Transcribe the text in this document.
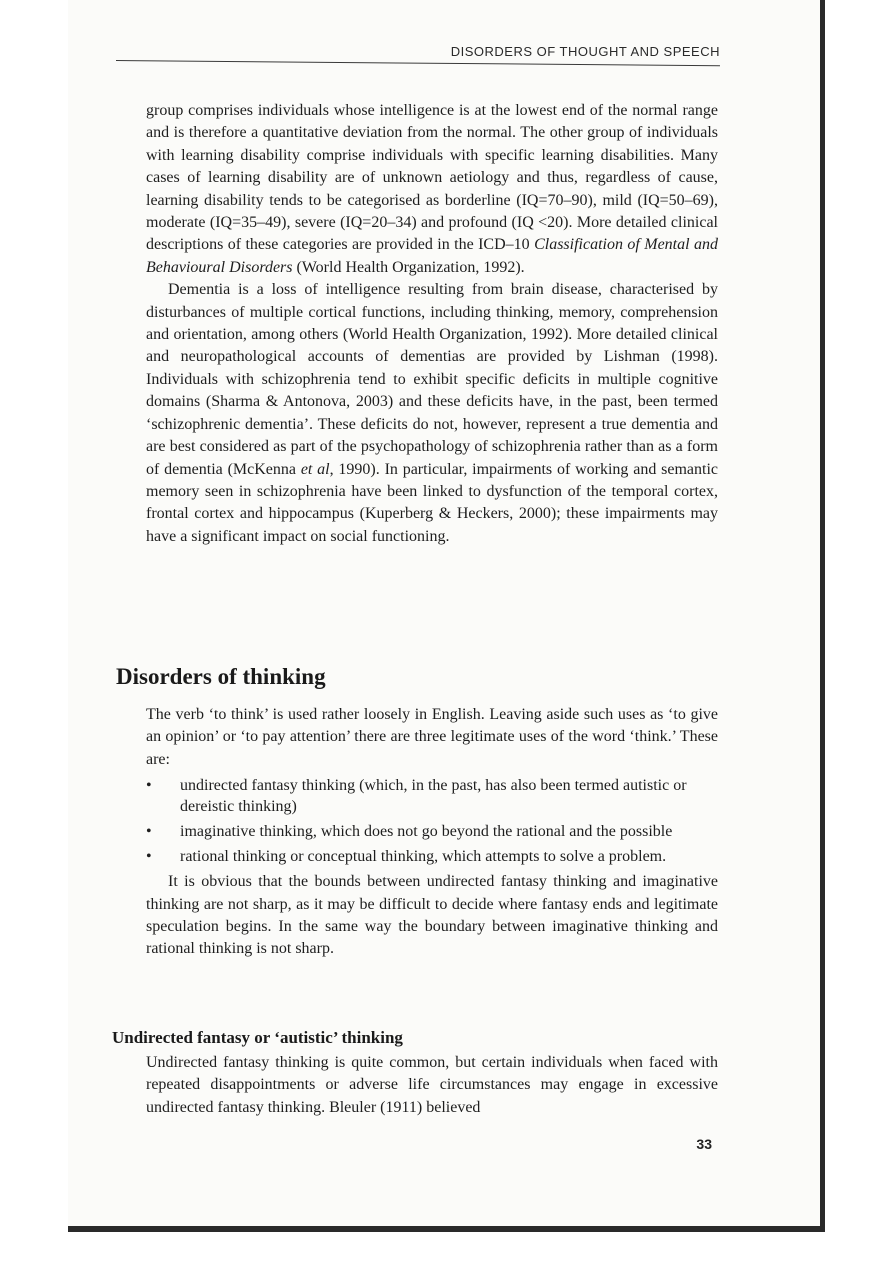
DISORDERS OF THOUGHT AND SPEECH

group comprises individuals whose intelligence is at the lowest end of the normal range and is therefore a quantitative deviation from the normal. The other group of individuals with learning disability comprise individuals with specific learning disabilities. Many cases of learning disability are of unknown aetiology and thus, regardless of cause, learning disability tends to be categorised as borderline (IQ=70–90), mild (IQ=50–69), moderate (IQ=35–49), severe (IQ=20–34) and profound (IQ <20). More detailed clinical descriptions of these categories are provided in the ICD–10 Classification of Mental and Behavioural Disorders (World Health Organization, 1992).

Dementia is a loss of intelligence resulting from brain disease, characterised by disturbances of multiple cortical functions, including thinking, memory, comprehension and orientation, among others (World Health Organization, 1992). More detailed clinical and neuropathological accounts of dementias are provided by Lishman (1998). Individuals with schizophrenia tend to exhibit specific deficits in multiple cognitive domains (Sharma & Antonova, 2003) and these deficits have, in the past, been termed ‘schizophrenic dementia’. These deficits do not, however, represent a true dementia and are best considered as part of the psychopathology of schizophrenia rather than as a form of dementia (McKenna et al, 1990). In particular, impairments of working and semantic memory seen in schizophrenia have been linked to dysfunction of the temporal cortex, frontal cortex and hippocampus (Kuperberg & Heckers, 2000); these impairments may have a significant impact on social functioning.

Disorders of thinking

The verb ‘to think’ is used rather loosely in English. Leaving aside such uses as ‘to give an opinion’ or ‘to pay attention’ there are three legitimate uses of the word ‘think.’ These are:

• undirected fantasy thinking (which, in the past, has also been termed autistic or dereistic thinking)
• imaginative thinking, which does not go beyond the rational and the possible
• rational thinking or conceptual thinking, which attempts to solve a problem.

It is obvious that the bounds between undirected fantasy thinking and imaginative thinking are not sharp, as it may be difficult to decide where fantasy ends and legitimate speculation begins. In the same way the boundary between imaginative thinking and rational thinking is not sharp.

Undirected fantasy or ‘autistic’ thinking

Undirected fantasy thinking is quite common, but certain individuals when faced with repeated disappointments or adverse life circumstances may engage in excessive undirected fantasy thinking. Bleuler (1911) believed

33
